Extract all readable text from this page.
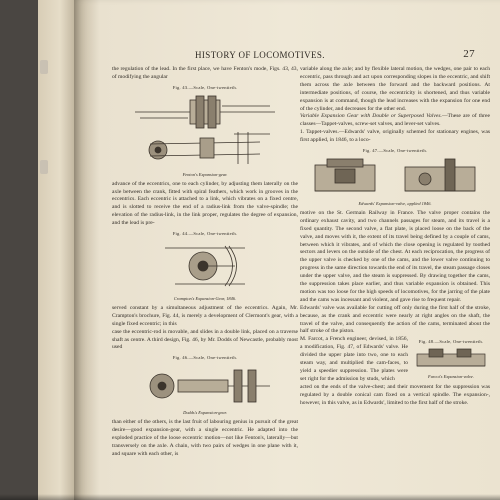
HISTORY OF LOCOMOTIVES.	27

the regulation of the lead. In the first place, we have Fenton's mode, Figs. 43, 43, of modifying the angular

Fig. 43.—Scale, One-twentieth.
Fenton's Expansion-gear.

advance of the eccentrics, one to each cylinder, by adjusting them laterally on the axle between the crank, fitted with spiral feathers, which work in grooves in the eccentrics. Each eccentric is attached to a link, which vibrates on a fixed centre, and is slotted to receive the end of a radius-link from the valve-spindle; the elevation of the radius-link, in the link proper, regulates the degree of expansion, and the lead is pre-

Fig. 44.—Scale, One-twentieth.
Crampton's Expansion-Gear, 1846.

served constant by a simultaneous adjustment of the eccentrics. Again, Mr. Crampton's brochure, Fig. 44, is merely a development of Clermont's gear, with a single fixed eccentric; in this

case the eccentric-rod is movable, and slides in a double link, placed on a traverse shaft as centre. A third design, Fig. 46, by Mr. Dodds of Newcastle, probably most used

Fig. 46.—Scale, One-twentieth.
Dodds's Expansion-gear.

than either of the others, is the last fruit of labouring genius in pursuit of the great desire—good expansion-gear, with a single eccentric. He adapted into the exploded practice of the loose eccentric motion—not like Fenton's, laterally—but transversely on the axle. A chain, with two pairs of wedges in one plane with it, and square with each other, is

variable along the axle; and by flexible lateral motion, the wedges, one pair to each eccentric, pass through and act upon corresponding slopes in the eccentric, and shift them across the axle between the forward and the backward positions. At intermediate positions, of course, the eccentricity is shortened, and thus variable expansion is at command, though the lead increases with the expansion for one end of the cylinder, and decreases for the other end.

Variable Expansion Gear with Double or Superposed Valves.—These are of three classes—Tappet-valves, screw-set valves, and lever-set valves.

1. Tappet-valves.—Edwards' valve, originally schemed for stationary engines, was first applied, in 1846, to a loco-

Fig. 47.—Scale, One-twentieth.
Edwards' Expansion-valve, applied 1846.

motive on the St. Germain Railway in France. The valve proper contains the ordinary exhaust cavity, and two channels passages for steam, and its travel is a fixed quantity. The second valve, a flat plate, is placed loose on the back of the valve, and moves with it, the extent of its travel being defined by a couple of cams, between which it vibrates, and of which the close opening is regulated by toothed sectors and levers on the outside of the chest. At each reciprocation, the progress of the upper valve is checked by one of the cams, and the lower valve continuing to progress in the same direction towards the end of its travel, the steam passage closes under the upper valve, and the steam is suppressed. By drawing together the cams, the suppression takes place earlier, and thus variable expansion is obtained. This motion was too loose for the high speeds of locomotives, for the jarring of the plate and the cams was incessant and violent, and gave rise to frequent repair.

Edwards' valve was available for cutting off only during the first half of the stroke, because, as the crank and eccentric were nearly at right angles on the shaft, the travel of the valve, and consequently the action of the cams, terminated about the half stroke of the piston.

Fig. 48.—Scale, One-twentieth.
Farcot's Expansion-valve.

M. Farcot, a French engineer, devised, in 1856, a modification, Fig. 47, of Edwards' valve. He divided the upper plate into two, one to each steam way, and multiplied the cam-faces, to yield a speedier suppression. The plates were set right for the admission by studs, which

acted on the ends of the valve-chest; and their movement for the suppression was regulated by a double conical cam fixed on a vertical spindle. The expansion-, however, in this valve, as in Edwards', limited to the first half of the stroke.
